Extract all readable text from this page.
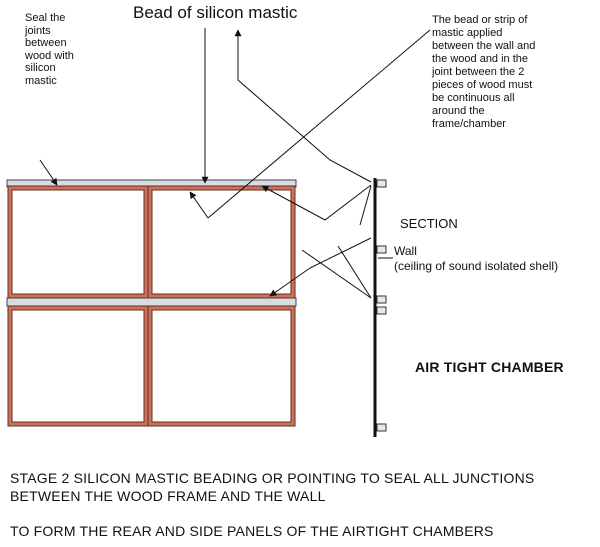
Seal the
joints
between
wood with
silicon
mastic

Bead of silicon mastic	The bead or strip of
mastic applied
between the wall and
the wood and in the
joint between the 2
pieces of wood must
be continuous all
around the
frame/chamber

SECTION

Wall

(ceiling of sound isolated shell)

AIR TIGHT CHAMBER

STAGE 2 SILICON MASTIC BEADING OR POINTING TO SEAL ALL JUNCTIONS BETWEEN THE WOOD FRAME AND THE WALL

TO FORM THE REAR AND SIDE PANELS OF THE AIRTIGHT CHAMBERS
